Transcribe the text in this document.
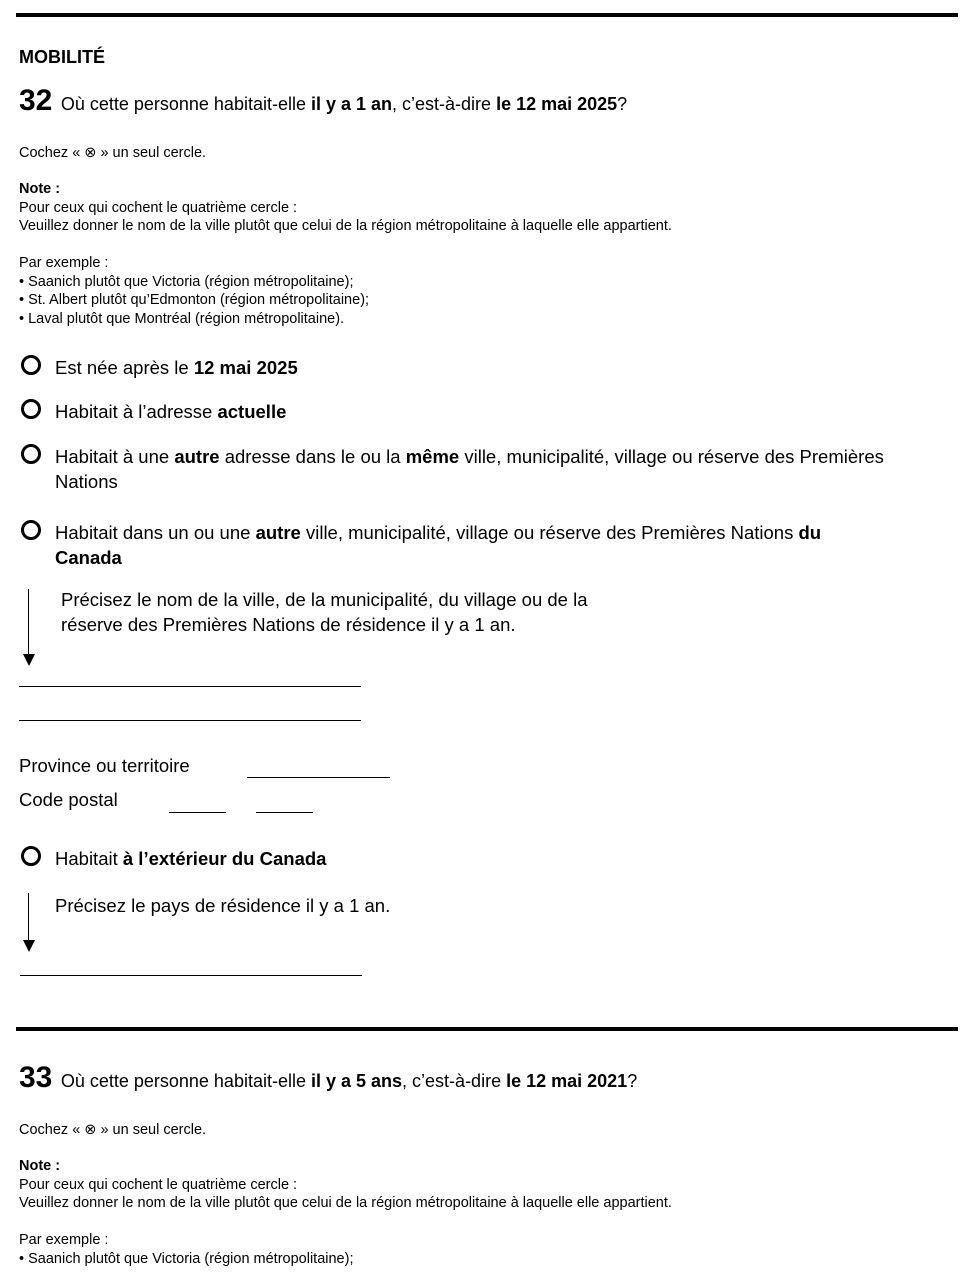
MOBILITÉ
32 Où cette personne habitait-elle il y a 1 an, c’est-à-dire le 12 mai 2025?
Cochez « ⊗ » un seul cercle.
Note :
Pour ceux qui cochent le quatrième cercle :
Veuillez donner le nom de la ville plutôt que celui de la région métropolitaine à laquelle elle appartient.
Par exemple :
• Saanich plutôt que Victoria (région métropolitaine);
• St. Albert plutôt qu’Edmonton (région métropolitaine);
• Laval plutôt que Montréal (région métropolitaine).
Est née après le 12 mai 2025
Habitait à l’adresse actuelle
Habitait à une autre adresse dans le ou la même ville, municipalité, village ou réserve des Premières
Nations
Habitait dans un ou une autre ville, municipalité, village ou réserve des Premières Nations du
Canada
Précisez le nom de la ville, de la municipalité, du village ou de la
réserve des Premières Nations de résidence il y a 1 an.
Province ou territoire
Code postal
Habitait à l’extérieur du Canada
Précisez le pays de résidence il y a 1 an.
33 Où cette personne habitait-elle il y a 5 ans, c’est-à-dire le 12 mai 2021?
Cochez « ⊗ » un seul cercle.
Note :
Pour ceux qui cochent le quatrième cercle :
Veuillez donner le nom de la ville plutôt que celui de la région métropolitaine à laquelle elle appartient.
Par exemple :
• Saanich plutôt que Victoria (région métropolitaine);
